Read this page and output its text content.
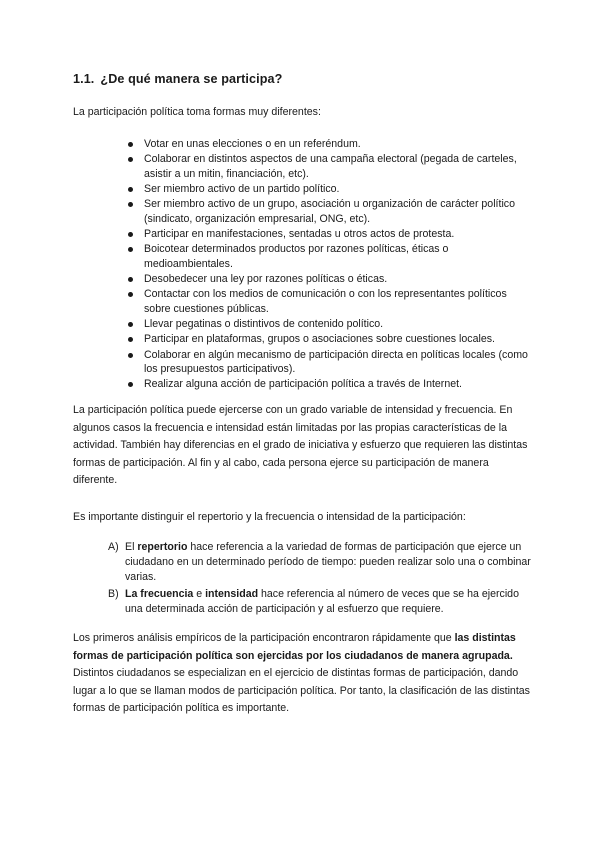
1.1. ¿De qué manera se participa?
La participación política toma formas muy diferentes:
Votar en unas elecciones o en un referéndum.
Colaborar en distintos aspectos de una campaña electoral (pegada de carteles, asistir a un mitin, financiación, etc).
Ser miembro activo de un partido político.
Ser miembro activo de un grupo, asociación u organización de carácter político (sindicato, organización empresarial, ONG, etc).
Participar en manifestaciones, sentadas u otros actos de protesta.
Boicotear determinados productos por razones políticas, éticas o medioambientales.
Desobedecer una ley por razones políticas o éticas.
Contactar con los medios de comunicación o con los representantes políticos sobre cuestiones públicas.
Llevar pegatinas o distintivos de contenido político.
Participar en plataformas, grupos o asociaciones sobre cuestiones locales.
Colaborar en algún mecanismo de participación directa en políticas locales (como los presupuestos participativos).
Realizar alguna acción de participación política a través de Internet.

La participación política puede ejercerse con un grado variable de intensidad y frecuencia. En algunos casos la frecuencia e intensidad están limitadas por las propias características de la actividad. También hay diferencias en el grado de iniciativa y esfuerzo que requieren las distintas formas de participación. Al fin y al cabo, cada persona ejerce su participación de manera diferente.

Es importante distinguir el repertorio y la frecuencia o intensidad de la participación:

A) El repertorio hace referencia a la variedad de formas de participación que ejerce un ciudadano en un determinado período de tiempo: pueden realizar solo una o combinar varias.
B) La frecuencia e intensidad hace referencia al número de veces que se ha ejercido una determinada acción de participación y al esfuerzo que requiere.

Los primeros análisis empíricos de la participación encontraron rápidamente que las distintas formas de participación política son ejercidas por los ciudadanos de manera agrupada. Distintos ciudadanos se especializan en el ejercicio de distintas formas de participación, dando lugar a lo que se llaman modos de participación política. Por tanto, la clasificación de las distintas formas de participación política es importante.
